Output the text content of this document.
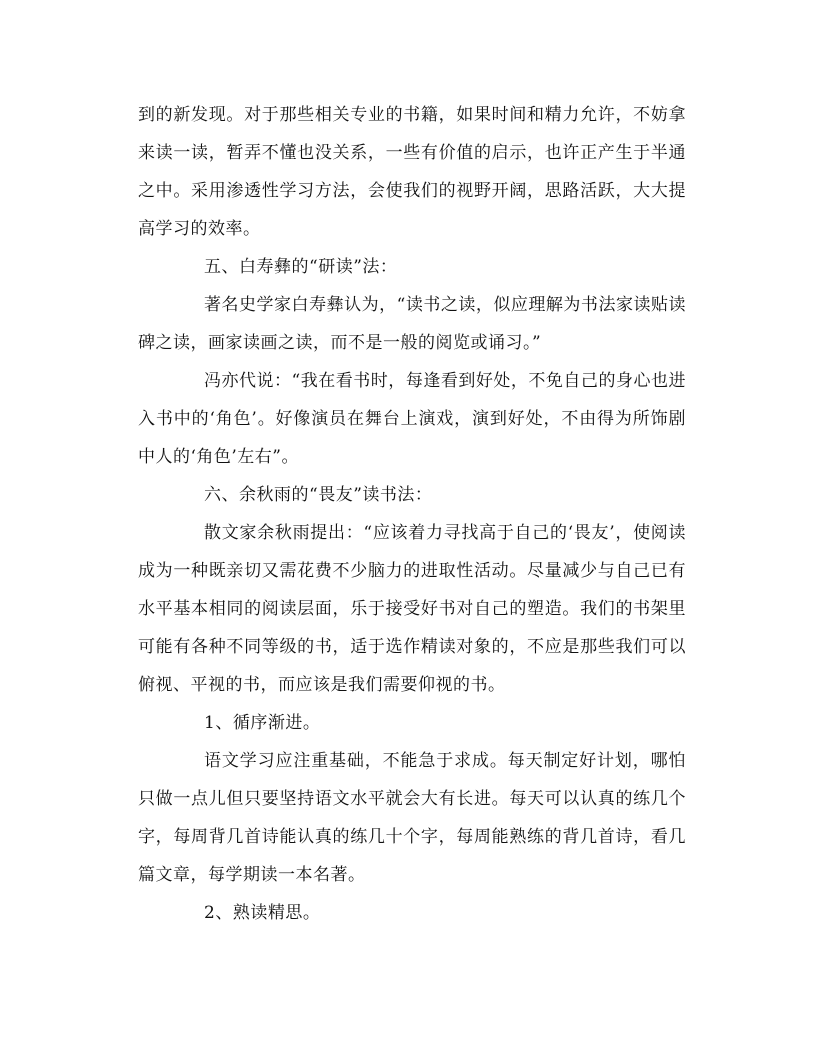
到的新发现。对于那些相关专业的书籍，如果时间和精力允许，不妨拿来读一读，暂弄不懂也没关系，一些有价值的启示，也许正产生于半通之中。采用渗透性学习方法，会使我们的视野开阔，思路活跃，大大提高学习的效率。

五、白寿彝的“研读”法：

著名史学家白寿彝认为，“读书之读，似应理解为书法家读贴读碑之读，画家读画之读，而不是一般的阅览或诵习。”

冯亦代说：“我在看书时，每逢看到好处，不免自己的身心也进入书中的‘角色’。好像演员在舞台上演戏，演到好处，不由得为所饰剧中人的‘角色’左右”。

六、余秋雨的“畏友”读书法：

散文家余秋雨提出：“应该着力寻找高于自己的‘畏友’，使阅读成为一种既亲切又需花费不少脑力的进取性活动。尽量减少与自己已有水平基本相同的阅读层面，乐于接受好书对自己的塑造。我们的书架里可能有各种不同等级的书，适于选作精读对象的，不应是那些我们可以俯视、平视的书，而应该是我们需要仰视的书。

1、循序渐进。

语文学习应注重基础，不能急于求成。每天制定好计划，哪怕只做一点儿但只要坚持语文水平就会大有长进。每天可以认真的练几个字，每周背几首诗能认真的练几十个字，每周能熟练的背几首诗，看几篇文章，每学期读一本名著。

2、熟读精思。
